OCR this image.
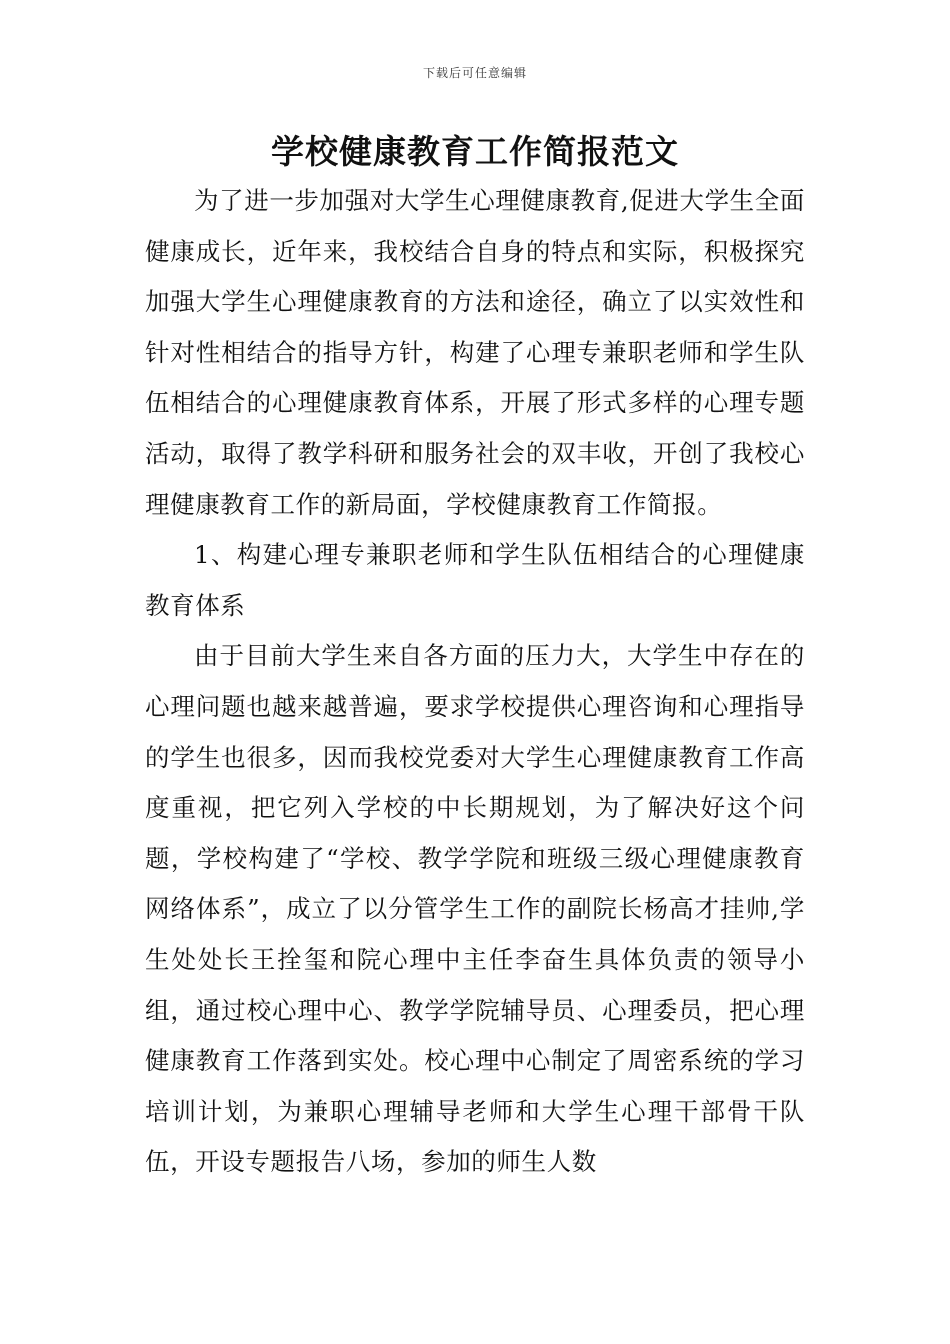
下载后可任意编辑
学校健康教育工作简报范文

为了进一步加强对大学生心理健康教育,促进大学生全面健康成长，近年来，我校结合自身的特点和实际，积极探究加强大学生心理健康教育的方法和途径，确立了以实效性和针对性相结合的指导方针，构建了心理专兼职老师和学生队伍相结合的心理健康教育体系，开展了形式多样的心理专题活动，取得了教学科研和服务社会的双丰收，开创了我校心理健康教育工作的新局面，学校健康教育工作简报。

1、构建心理专兼职老师和学生队伍相结合的心理健康教育体系

由于目前大学生来自各方面的压力大，大学生中存在的心理问题也越来越普遍，要求学校提供心理咨询和心理指导的学生也很多，因而我校党委对大学生心理健康教育工作高度重视，把它列入学校的中长期规划，为了解决好这个问题，学校构建了“学校、教学学院和班级三级心理健康教育网络体系”，成立了以分管学生工作的副院长杨高才挂帅,学生处处长王拴玺和院心理中主任李奋生具体负责的领导小组，通过校心理中心、教学学院辅导员、心理委员，把心理健康教育工作落到实处。校心理中心制定了周密系统的学习培训计划，为兼职心理辅导老师和大学生心理干部骨干队伍，开设专题报告八场，参加的师生人数
